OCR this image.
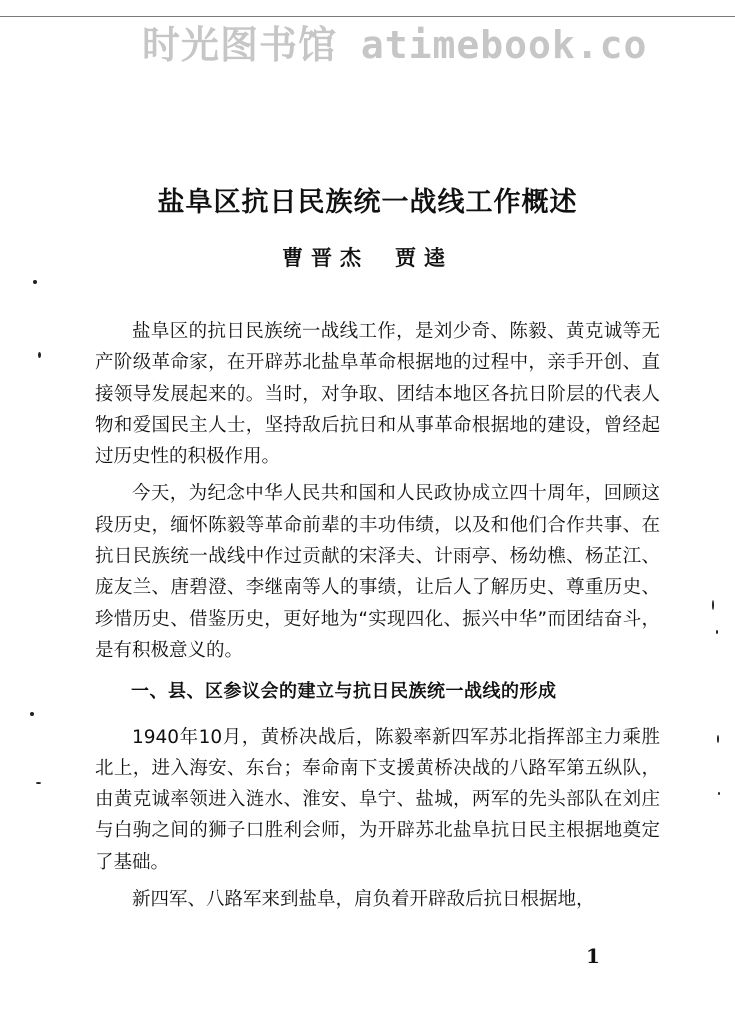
时光图书馆 atimebook.co
盐阜区抗日民族统一战线工作概述
曹晋杰 贾逵

盐阜区的抗日民族统一战线工作，是刘少奇、陈毅、黄克诚等无产阶级革命家，在开辟苏北盐阜革命根据地的过程中，亲手开创、直接领导发展起来的。当时，对争取、团结本地区各抗日阶层的代表人物和爱国民主人士，坚持敌后抗日和从事革命根据地的建设，曾经起过历史性的积极作用。

今天，为纪念中华人民共和国和人民政协成立四十周年，回顾这段历史，缅怀陈毅等革命前辈的丰功伟绩，以及和他们合作共事、在抗日民族统一战线中作过贡献的宋泽夫、计雨亭、杨幼樵、杨芷江、庞友兰、唐碧澄、李继南等人的事绩，让后人了解历史、尊重历史、珍惜历史、借鉴历史，更好地为“实现四化、振兴中华”而团结奋斗，是有积极意义的。

一、县、区参议会的建立与抗日民族统一战线的形成

1940年10月，黄桥决战后，陈毅率新四军苏北指挥部主力乘胜北上，进入海安、东台；奉命南下支援黄桥决战的八路军第五纵队，由黄克诚率领进入涟水、淮安、阜宁、盐城，两军的先头部队在刘庄与白驹之间的狮子口胜利会师，为开辟苏北盐阜抗日民主根据地奠定了基础。

新四军、八路军来到盐阜，肩负着开辟敌后抗日根据地，

1
